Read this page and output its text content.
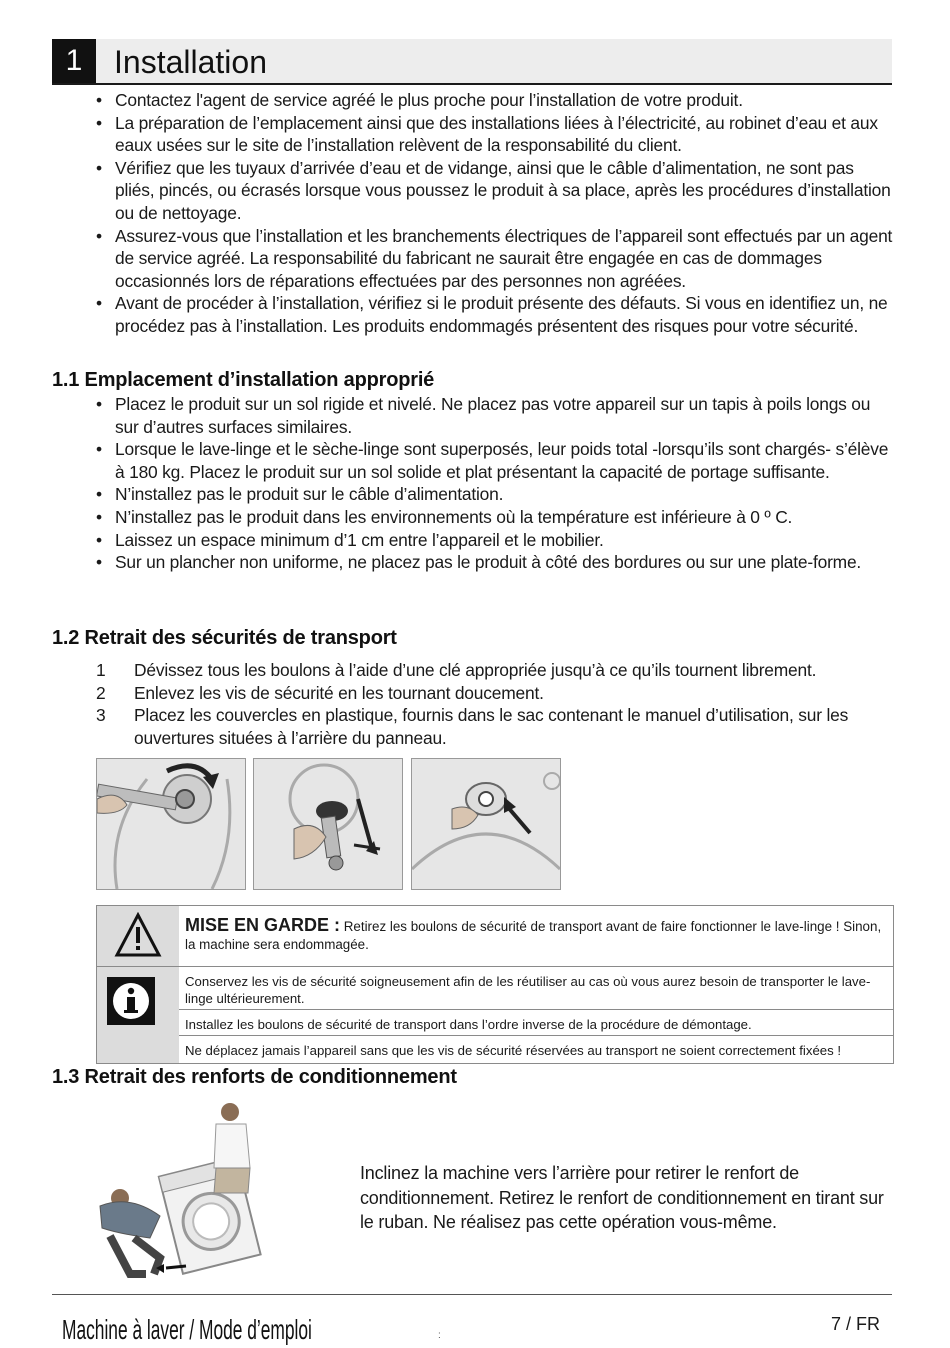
1 Installation
• Contactez l'agent de service agréé le plus proche pour l’installation de votre produit.
• La préparation de l’emplacement ainsi que des installations liées à l’électricité, au robinet d’eau et aux eaux usées sur le site de l’installation relèvent de la responsabilité du client.
• Vérifiez que les tuyaux d’arrivée d’eau et de vidange, ainsi que le câble d’alimentation, ne sont pas pliés, pincés, ou écrasés lorsque vous poussez le produit à sa place, après les procédures d’installation ou de nettoyage.
• Assurez-vous que l’installation et les branchements électriques de l’appareil sont effectués par un agent de service agréé. La responsabilité du fabricant ne saurait être engagée en cas de dommages occasionnés lors de réparations effectuées par des personnes non agréées.
• Avant de procéder à l’installation, vérifiez si le produit présente des défauts. Si vous en identifiez un, ne procédez pas à l’installation. Les produits endommagés présentent des risques pour votre sécurité.
1.1 Emplacement d’installation approprié
• Placez le produit sur un sol rigide et nivelé. Ne placez pas votre appareil sur un tapis à poils longs ou sur d’autres surfaces similaires.
• Lorsque le lave-linge et le sèche-linge sont superposés, leur poids total -lorsqu’ils sont chargés- s’élève à 180 kg. Placez le produit sur un sol solide et plat présentant la capacité de portage suffisante.
• N’installez pas le produit sur le câble d’alimentation.
• N’installez pas le produit dans les environnements où la température est inférieure à 0 º C.
• Laissez un espace minimum d’1 cm entre l’appareil et le mobilier.
• Sur un plancher non uniforme, ne placez pas le produit à côté des bordures ou sur une plate-forme.
1.2 Retrait des sécurités de transport
1 Dévissez tous les boulons à l’aide d’une clé appropriée jusqu’à ce qu’ils tournent librement.
2 Enlevez les vis de sécurité en les tournant doucement.
3 Placez les couvercles en plastique, fournis dans le sac contenant le manuel d’utilisation, sur les ouvertures situées à l’arrière du panneau.
MISE EN GARDE : Retirez les boulons de sécurité de transport avant de faire fonctionner le lave-linge ! Sinon, la machine sera endommagée.
Conservez les vis de sécurité soigneusement afin de les réutiliser au cas où vous aurez besoin de transporter le lave-linge ultérieurement.
Installez les boulons de sécurité de transport dans l’ordre inverse de la procédure de démontage.
Ne déplacez jamais l’appareil sans que les vis de sécurité réservées au transport ne soient correctement fixées !
1.3 Retrait des renforts de conditionnement
Inclinez la machine vers l’arrière pour retirer le renfort de conditionnement. Retirez le renfort de conditionnement en tirant sur le ruban. Ne réalisez pas cette opération vous-même.
Machine à laver / Mode d’emploi	:
7 / FR
